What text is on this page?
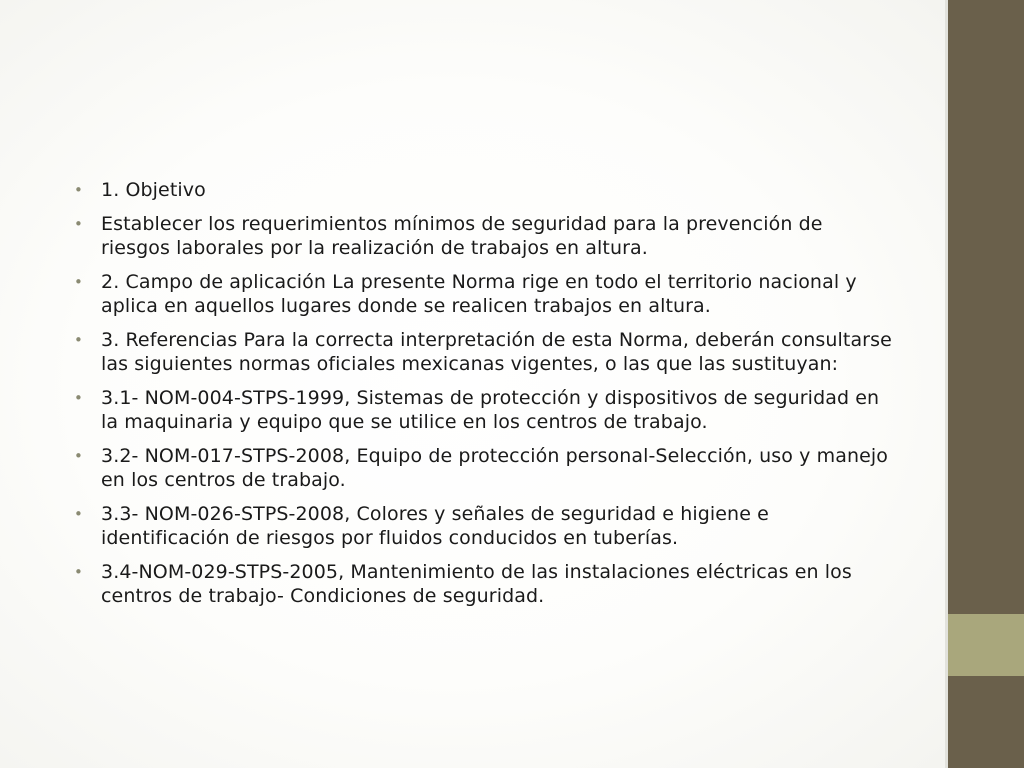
• 1. Objetivo
• Establecer los requerimientos mínimos de seguridad para la prevención de riesgos laborales por la realización de trabajos en altura.
• 2. Campo de aplicación La presente Norma rige en todo el territorio nacional y aplica en aquellos lugares donde se realicen trabajos en altura.
• 3. Referencias Para la correcta interpretación de esta Norma, deberán consultarse las siguientes normas oficiales mexicanas vigentes, o las que las sustituyan:
• 3.1- NOM-004-STPS-1999, Sistemas de protección y dispositivos de seguridad en la maquinaria y equipo que se utilice en los centros de trabajo.
• 3.2- NOM-017-STPS-2008, Equipo de protección personal-Selección, uso y manejo en los centros de trabajo.
• 3.3- NOM-026-STPS-2008, Colores y señales de seguridad e higiene e identificación de riesgos por fluidos conducidos en tuberías.
• 3.4-NOM-029-STPS-2005, Mantenimiento de las instalaciones eléctricas en los centros de trabajo- Condiciones de seguridad.
